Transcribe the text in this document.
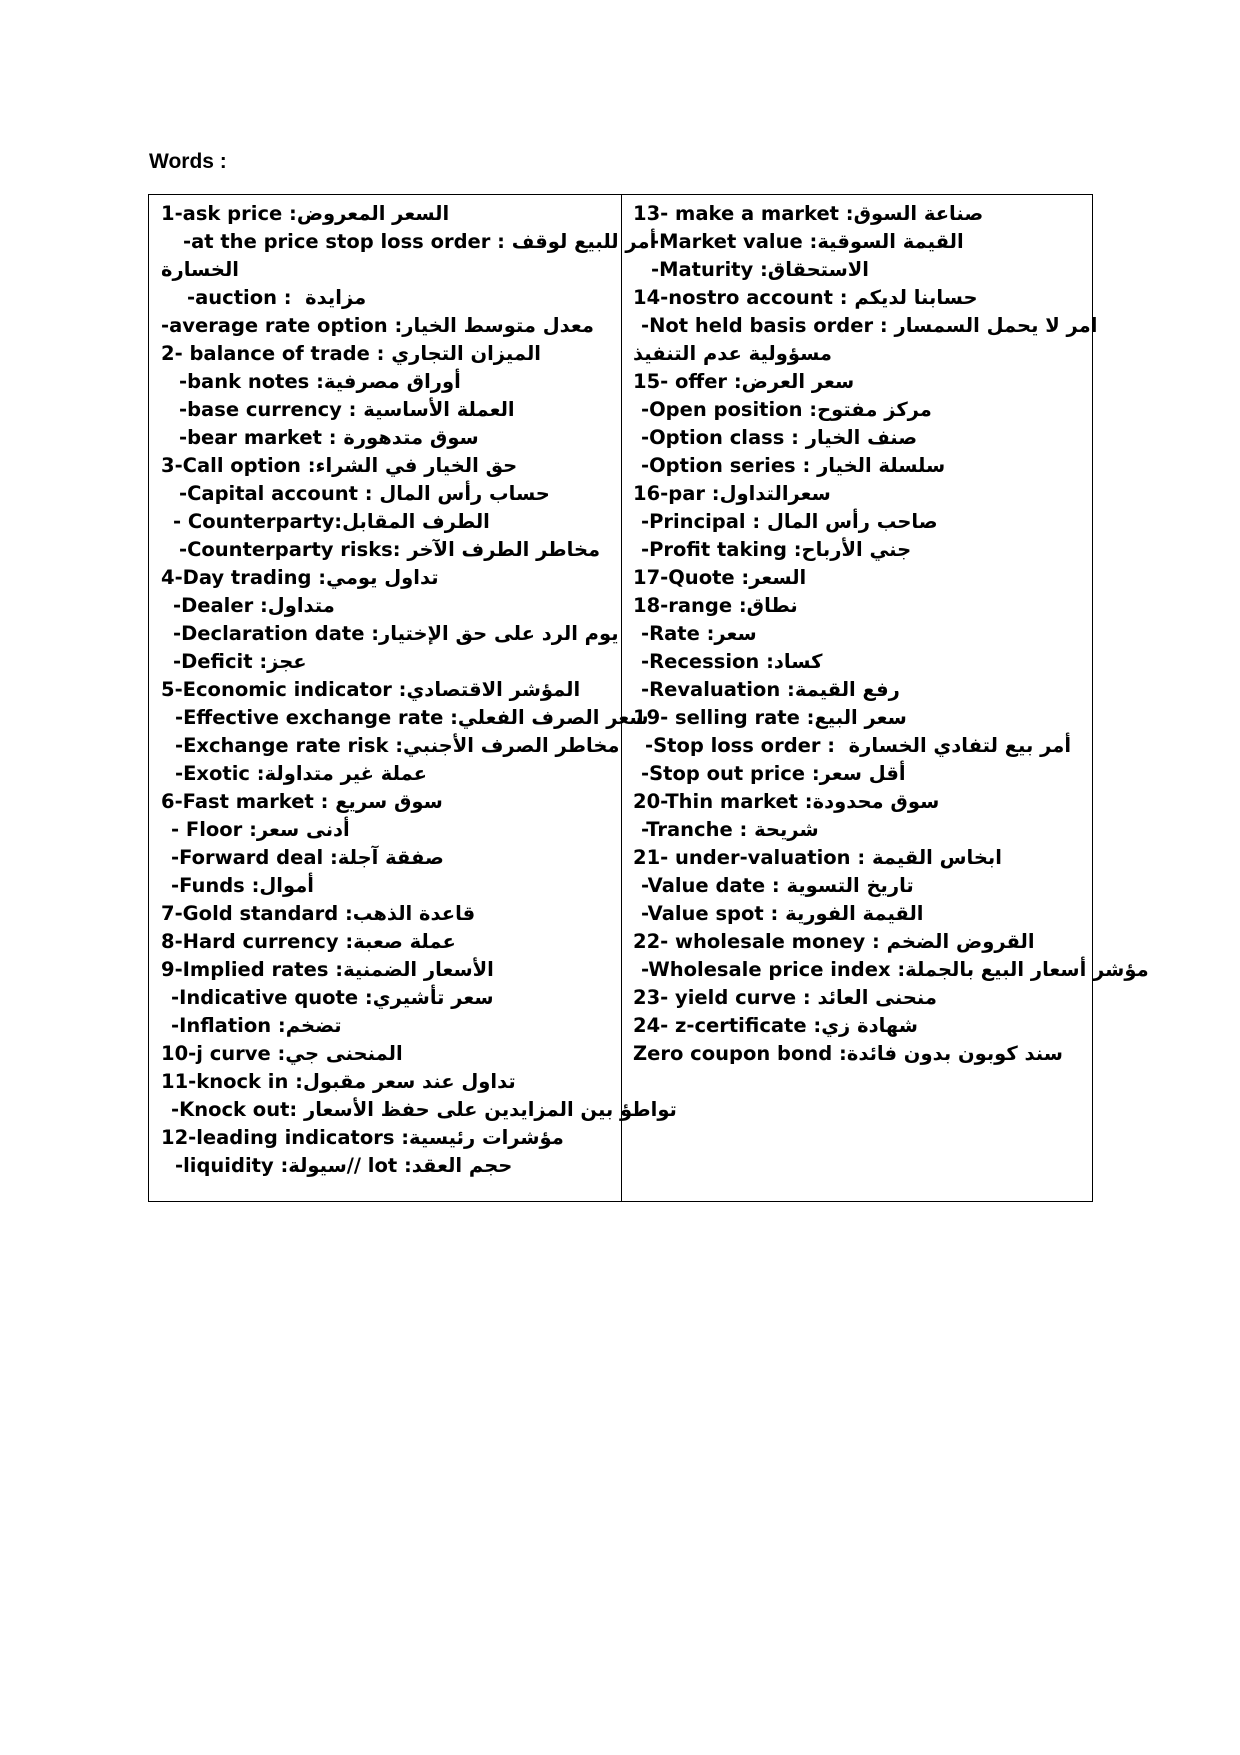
Words :
1-ask price :السعر المعروض
-at the price stop loss order : أمر للبيع لوقف
الخسارة
-auction :  مزايدة
-average rate option :معدل متوسط الخيار
2- balance of trade : الميزان التجاري
-bank notes :أوراق مصرفية
-base currency : العملة الأساسية
-bear market : سوق متدهورة
3-Call option :حق الخيار في الشراء
-Capital account : حساب رأس المال
- Counterparty:الطرف المقابل
-Counterparty risks: مخاطر الطرف الآخر
4-Day trading :تداول يومي
-Dealer :متداول
-Declaration date :يوم الرد على حق الإختيار
-Deficit :عجز
5-Economic indicator :المؤشر الاقتصادي
-Effective exchange rate :سعر الصرف الفعلي
-Exchange rate risk :مخاطر الصرف الأجنبي
-Exotic :عملة غير متداولة
6-Fast market : سوق سريع
- Floor :أدنى سعر
-Forward deal :صفقة آجلة
-Funds :أموال
7-Gold standard :قاعدة الذهب
8-Hard currency :عملة صعبة
9-Implied rates :الأسعار الضمنية
-Indicative quote :سعر تأشيري
-Inflation :تضخم
10-j curve :المنحنى جي
11-knock in :تداول عند سعر مقبول
-Knock out: تواطؤ بين المزايدين على حفظ الأسعار
12-leading indicators :مؤشرات رئيسية
-liquidity :سيولة// lot :حجم العقد
13- make a market :صناعة السوق
-Market value :القيمة السوقية
-Maturity :الاستحقاق
14-nostro account : حسابنا لديكم
-Not held basis order : امر لا يحمل السمسار
مسؤولية عدم التنفيذ
15- offer :سعر العرض
-Open position :مركز مفتوح
-Option class : صنف الخيار
-Option series : سلسلة الخيار
16-par :سعرالتداول
-Principal : صاحب رأس المال
-Profit taking :جني الأرباح
17-Quote :السعر
18-range :نطاق
-Rate :سعر
-Recession :كساد
-Revaluation :رفع القيمة
19- selling rate :سعر البيع
-Stop loss order :  أمر بيع لتفادي الخسارة
-Stop out price :أقل سعر
20-Thin market :سوق محدودة
-Tranche : شريحة
21- under-valuation : ابخاس القيمة
-Value date : تاريخ التسوية
-Value spot : القيمة الفورية
22- wholesale money : القروض الضخم
-Wholesale price index :مؤشر أسعار البيع بالجملة
23- yield curve : منحنى العائد
24- z-certificate :شهادة زي
Zero coupon bond :سند كوبون بدون فائدة
